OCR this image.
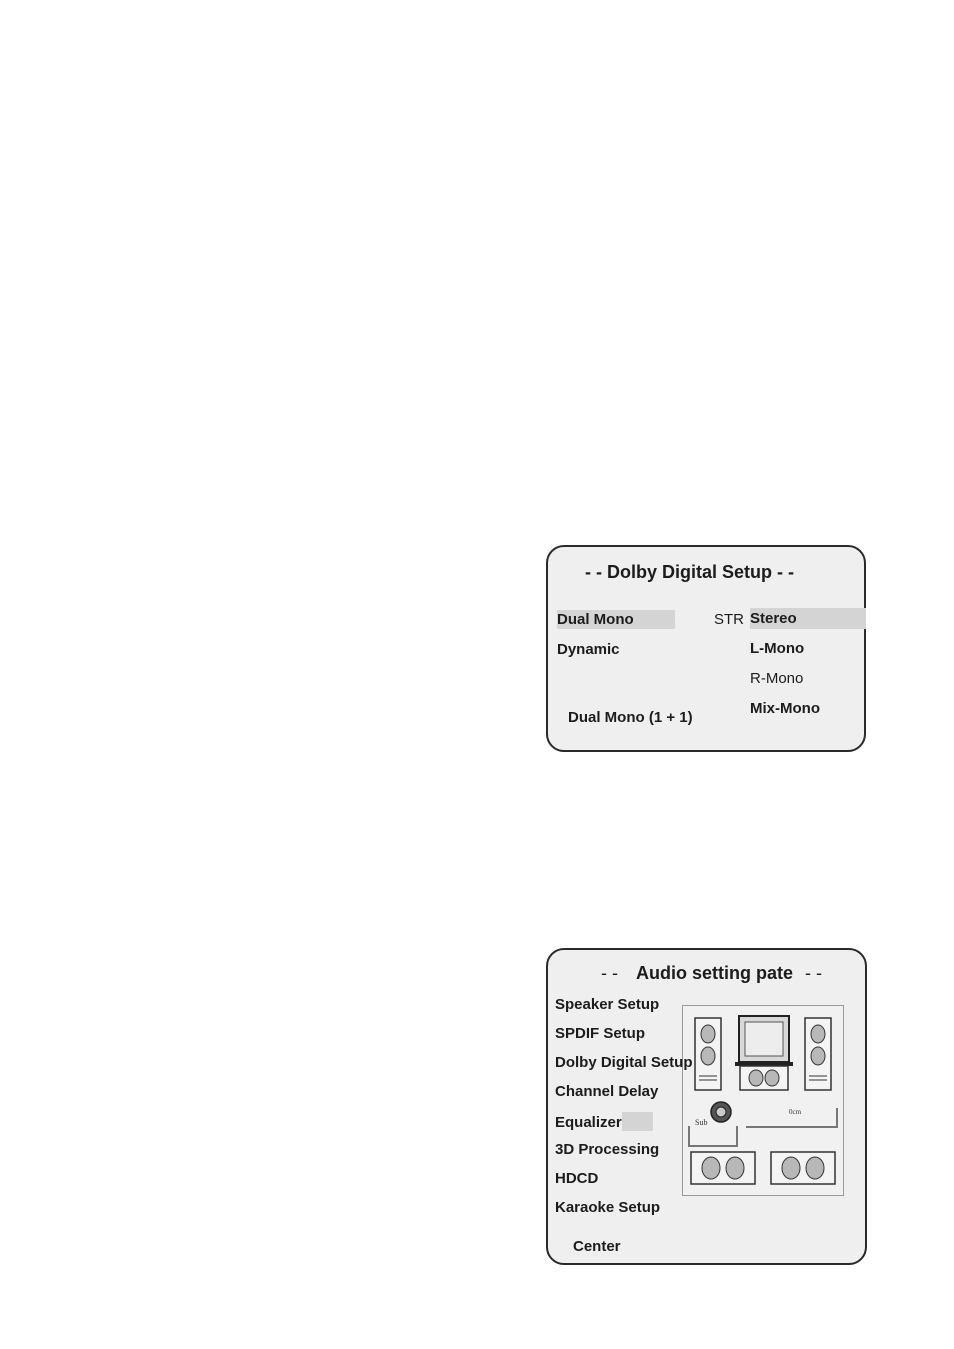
- - Dolby Digital Setup - -
Dual Mono
Dynamic
STR Stereo
L-Mono
R-Mono
Mix-Mono
Dual Mono (1 + 1)
- - Audio setting pate - -
Speaker Setup
SPDIF Setup
Dolby Digital Setup
Channel Delay
Equalizer
3D Processing
HDCD
Karaoke Setup
Center
Sub
0cm
